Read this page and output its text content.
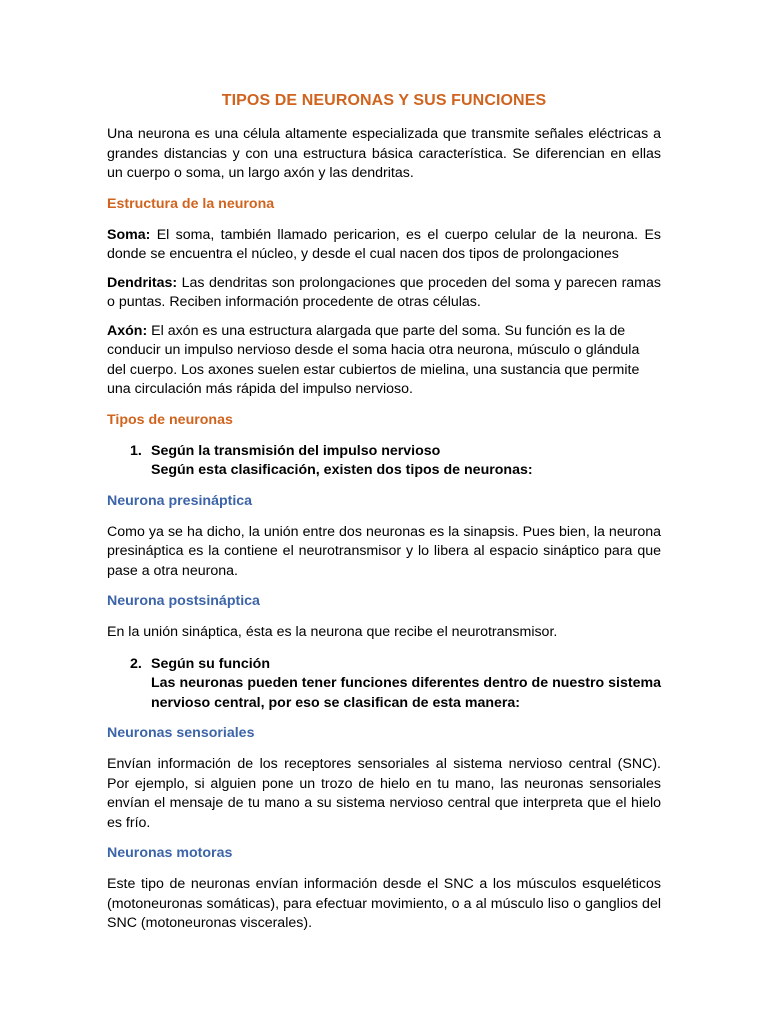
TIPOS DE NEURONAS Y SUS FUNCIONES

Una neurona es una célula altamente especializada que transmite señales eléctricas a grandes distancias y con una estructura básica característica. Se diferencian en ellas un cuerpo o soma, un largo axón y las dendritas.

Estructura de la neurona

Soma: El soma, también llamado pericarion, es el cuerpo celular de la neurona. Es donde se encuentra el núcleo, y desde el cual nacen dos tipos de prolongaciones

Dendritas: Las dendritas son prolongaciones que proceden del soma y parecen ramas o puntas. Reciben información procedente de otras células.

Axón: El axón es una estructura alargada que parte del soma. Su función es la de conducir un impulso nervioso desde el soma hacia otra neurona, músculo o glándula del cuerpo. Los axones suelen estar cubiertos de mielina, una sustancia que permite una circulación más rápida del impulso nervioso.

Tipos de neuronas
1. Según la transmisión del impulso nervioso
Según esta clasificación, existen dos tipos de neuronas:
Neurona presináptica

Como ya se ha dicho, la unión entre dos neuronas es la sinapsis. Pues bien, la neurona presináptica es la contiene el neurotransmisor y lo libera al espacio sináptico para que pase a otra neurona.

Neurona postsináptica

En la unión sináptica, ésta es la neurona que recibe el neurotransmisor.

2. Según su función
Las neuronas pueden tener funciones diferentes dentro de nuestro sistema nervioso central, por eso se clasifican de esta manera:
Neuronas sensoriales

Envían información de los receptores sensoriales al sistema nervioso central (SNC). Por ejemplo, si alguien pone un trozo de hielo en tu mano, las neuronas sensoriales envían el mensaje de tu mano a su sistema nervioso central que interpreta que el hielo es frío.

Neuronas motoras

Este tipo de neuronas envían información desde el SNC a los músculos esqueléticos (motoneuronas somáticas), para efectuar movimiento, o a al músculo liso o ganglios del SNC (motoneuronas viscerales).
